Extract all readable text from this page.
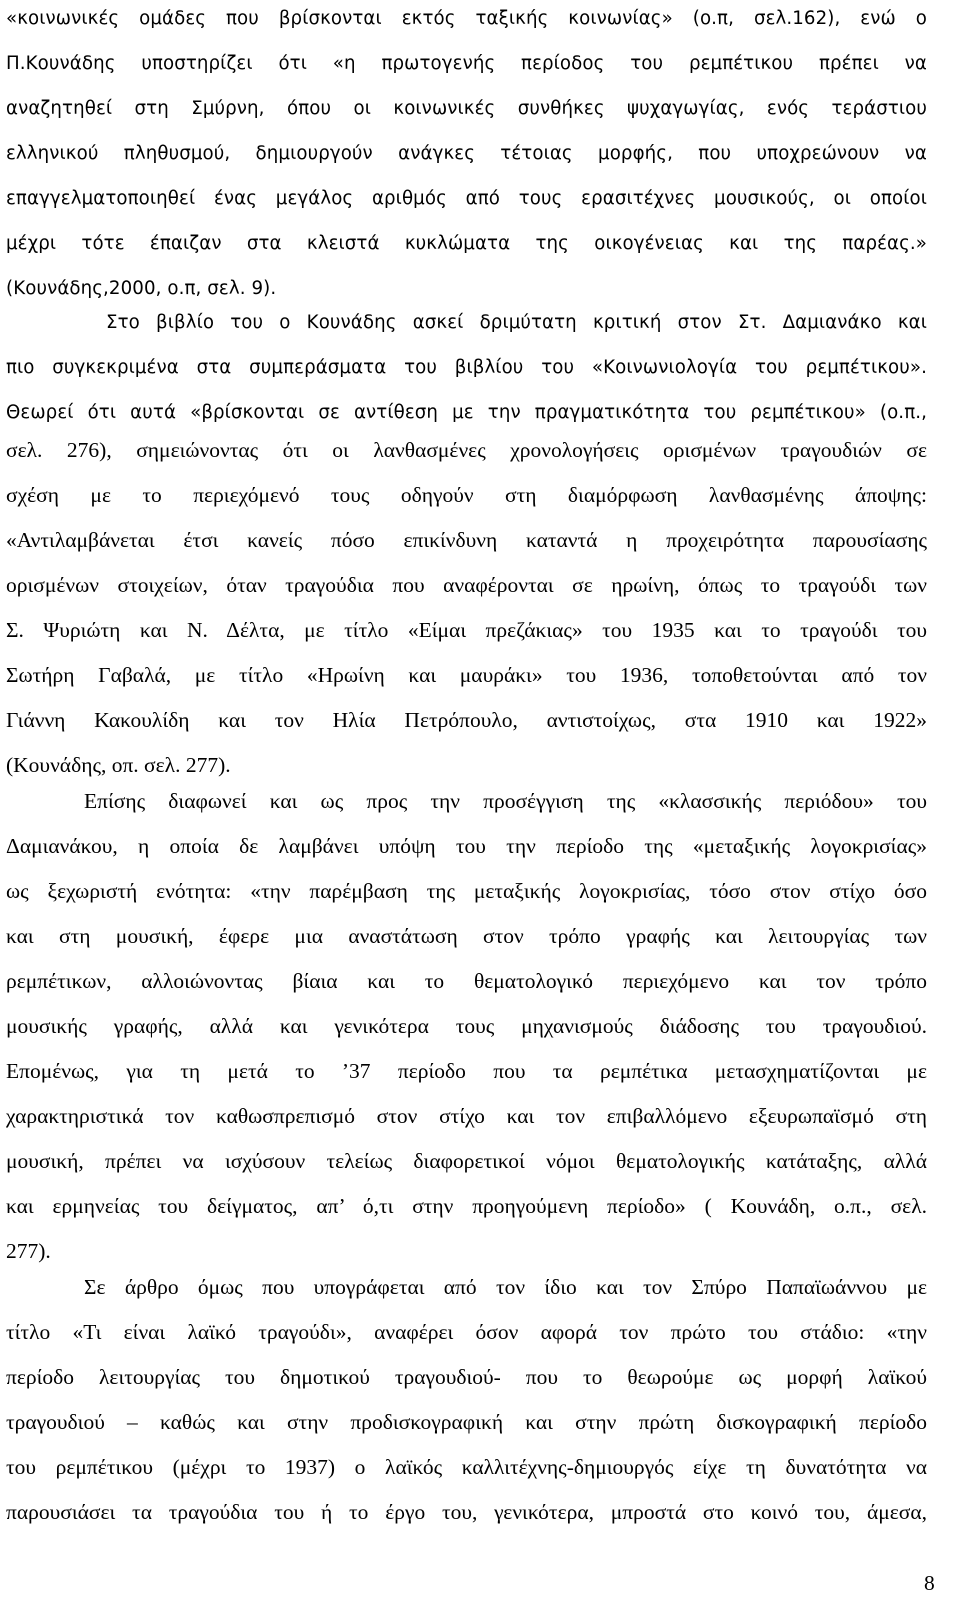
«κοινωνικές ομάδες που βρίσκονται εκτός ταξικής κοινωνίας» (ο.π, σελ.162), ενώ ο
Π.Κουνάδης υποστηρίζει ότι «η πρωτογενής περίοδος του ρεμπέτικου πρέπει να
αναζητηθεί στη Σμύρνη, όπου οι κοινωνικές συνθήκες ψυχαγωγίας, ενός τεράστιου
ελληνικού πληθυσμού, δημιουργούν ανάγκες τέτοιας μορφής, που υποχρεώνουν να
επαγγελματοποιηθεί ένας μεγάλος αριθμός από τους ερασιτέχνες μουσικούς, οι οποίοι
μέχρι τότε έπαιζαν στα κλειστά κυκλώματα της οικογένειας και της παρέας.»
(Κουνάδης,2000, ο.π, σελ. 9).
Στο βιβλίο του ο Κουνάδης ασκεί δριμύτατη κριτική στον Στ. Δαμιανάκο και
πιο συγκεκριμένα στα συμπεράσματα του βιβλίου του «Κοινωνιολογία του ρεμπέτικου».
Θεωρεί ότι αυτά «βρίσκονται σε αντίθεση με την πραγματικότητα του ρεμπέτικου» (ο.π.,
σελ. 276), σημειώνοντας ότι οι λανθασμένες χρονολογήσεις ορισμένων τραγουδιών σε
σχέση με το περιεχόμενό τους οδηγούν στη διαμόρφωση λανθασμένης άποψης:
«Αντιλαμβάνεται έτσι κανείς πόσο επικίνδυνη καταντά η προχειρότητα παρουσίασης
ορισμένων στοιχείων, όταν τραγούδια που αναφέρονται σε ηρωίνη, όπως το τραγούδι των
Σ. Ψυριώτη και Ν. Δέλτα, με τίτλο «Είμαι πρεζάκιας» του 1935 και το τραγούδι του
Σωτήρη Γαβαλά, με τίτλο «Ηρωίνη και μαυράκι» του 1936, τοποθετούνται από τον
Γιάννη Κακουλίδη και τον Ηλία Πετρόπουλο, αντιστοίχως, στα 1910 και 1922»
(Κουνάδης, οπ. σελ. 277).
Επίσης διαφωνεί και ως προς την προσέγγιση της «κλασσικής περιόδου» του
Δαμιανάκου, η οποία δε λαμβάνει υπόψη του την περίοδο της «μεταξικής λογοκρισίας»
ως ξεχωριστή ενότητα: «την παρέμβαση της μεταξικής λογοκρισίας, τόσο στον στίχο όσο
και στη μουσική, έφερε μια αναστάτωση στον τρόπο γραφής και λειτουργίας των
ρεμπέτικων, αλλοιώνοντας βίαια και το θεματολογικό περιεχόμενο και τον τρόπο
μουσικής γραφής, αλλά και γενικότερα τους μηχανισμούς διάδοσης του τραγουδιού.
Επομένως, για τη μετά το ’37 περίοδο που τα ρεμπέτικα μετασχηματίζονται με
χαρακτηριστικά τον καθωσπρεπισμό στον στίχο και τον επιβαλλόμενο εξευρωπαϊσμό στη
μουσική, πρέπει να ισχύσουν τελείως διαφορετικοί νόμοι θεματολογικής κατάταξης, αλλά
και ερμηνείας του δείγματος, απ’ ό,τι στην προηγούμενη περίοδο» ( Κουνάδη, ο.π., σελ.
277).
Σε άρθρο όμως που υπογράφεται από τον ίδιο και τον Σπύρο Παπαϊωάννου με
τίτλο «Τι είναι λαϊκό τραγούδι», αναφέρει όσον αφορά τον πρώτο του στάδιο: «την
περίοδο λειτουργίας του δημοτικού τραγουδιού- που το θεωρούμε ως μορφή λαϊκού
τραγουδιού – καθώς και στην προδισκογραφική και στην πρώτη δισκογραφική περίοδο
του ρεμπέτικου (μέχρι το 1937) ο λαϊκός καλλιτέχνης-δημιουργός είχε τη δυνατότητα να
παρουσιάσει τα τραγούδια του ή το έργο του, γενικότερα, μπροστά στο κοινό του, άμεσα,
8
